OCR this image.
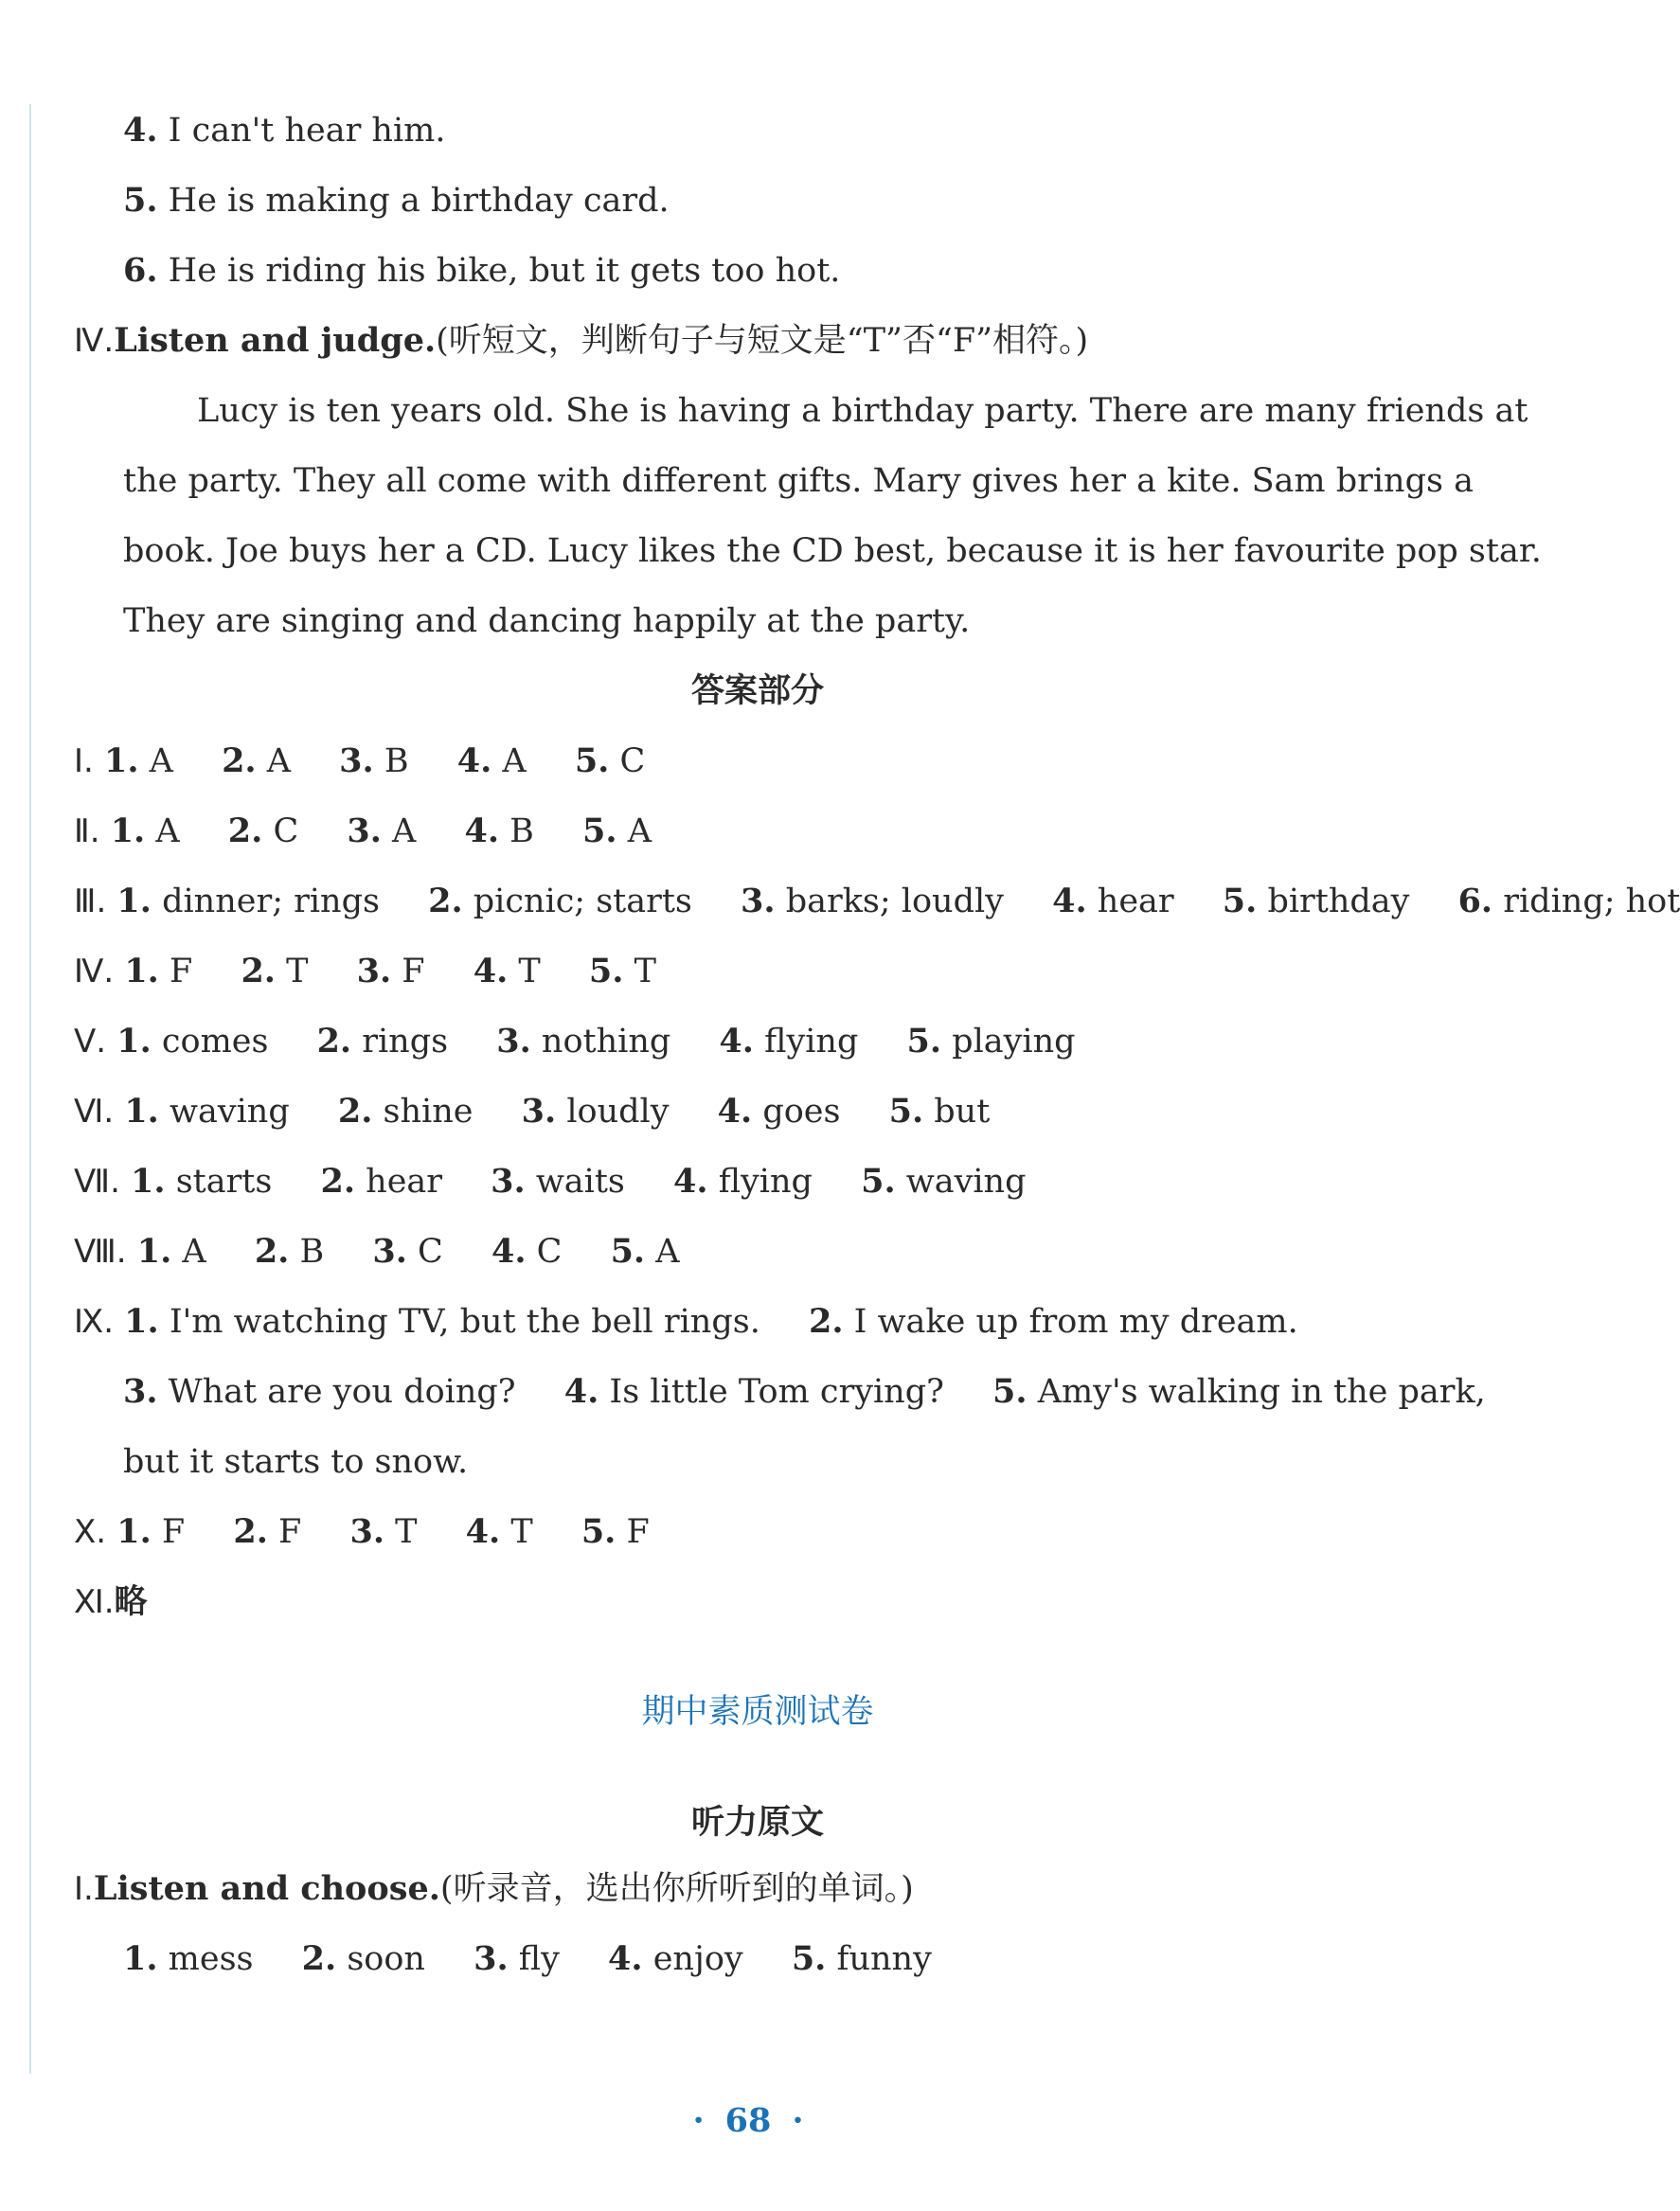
4. I can't hear him.
5. He is making a birthday card.
6. He is riding his bike, but it gets too hot.
Ⅳ.Listen and judge.(听短文，判断句子与短文是“T”否“F”相符。)
Lucy is ten years old. She is having a birthday party. There are many friends at
the party. They all come with different gifts. Mary gives her a kite. Sam brings a
book. Joe buys her a CD. Lucy likes the CD best, because it is her favourite pop star.
They are singing and dancing happily at the party.
答案部分
Ⅰ. 1. A 2. A 3. B 4. A 5. C
Ⅱ. 1. A 2. C 3. A 4. B 5. A
Ⅲ. 1. dinner; rings 2. picnic; starts 3. barks; loudly 4. hear 5. birthday 6. riding; hot
Ⅳ. 1. F 2. T 3. F 4. T 5. T
Ⅴ. 1. comes 2. rings 3. nothing 4. flying 5. playing
Ⅵ. 1. waving 2. shine 3. loudly 4. goes 5. but
Ⅶ. 1. starts 2. hear 3. waits 4. flying 5. waving
Ⅷ. 1. A 2. B 3. C 4. C 5. A
Ⅸ. 1. I'm watching TV, but the bell rings. 2. I wake up from my dream.
3. What are you doing? 4. Is little Tom crying? 5. Amy's walking in the park,
but it starts to snow.
Ⅹ. 1. F 2. F 3. T 4. T 5. F
Ⅺ.略
期中素质测试卷
听力原文
Ⅰ.Listen and choose.(听录音，选出你所听到的单词。)
1. mess 2. soon 3. fly 4. enjoy 5. funny
· 68 ·
